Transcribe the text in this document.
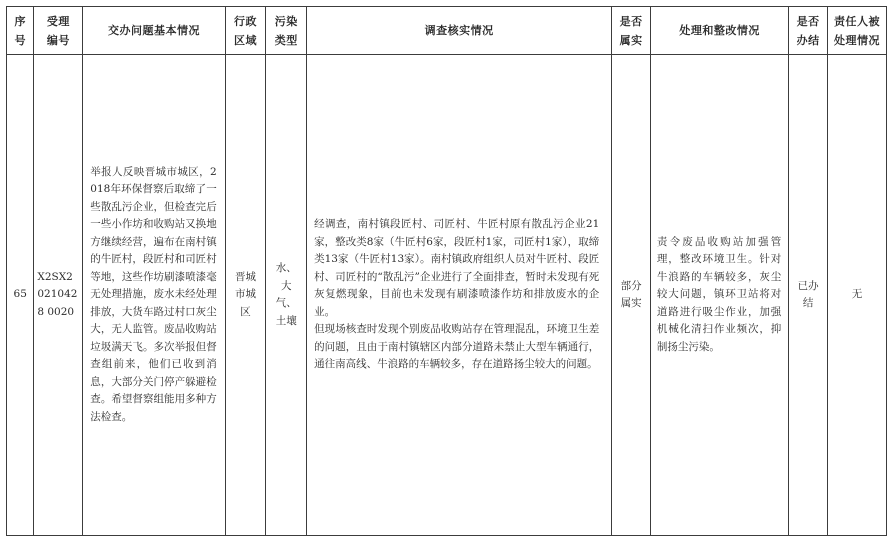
序号	受理编号	交办问题基本情况	行政区域	污染类型	调查核实情况	是否属实	处理和整改情况	是否办结	责任人被处理情况
65	X2SX20210428 0020	举报人反映晋城市城区，2018年环保督察后取缔了一些散乱污企业，但检查完后一些小作坊和收购站又换地方继续经营，遍布在南村镇的牛匠村，段匠村和司匠村等地，这些作坊刷漆喷漆毫无处理措施，废水未经处理排放，大货车路过村口灰尘大，无人监管。废品收购站垃圾满天飞。多次举报但督查组前来，他们已收到消息，大部分关门停产躲避检查。希望督察组能用多种方法检查。	晋城市城区	水、大气、土壤	经调查，南村镇段匠村、司匠村、牛匠村原有散乱污企业21家，整改类8家（牛匠村6家，段匠村1家，司匠村1家），取缔类13家（牛匠村13家）。南村镇政府组织人员对牛匠村、段匠村、司匠村的“散乱污”企业进行了全面排查，暂时未发现有死灰复燃现象，目前也未发现有刷漆喷漆作坊和排放废水的企业。
但现场核查时发现个别废品收购站存在管理混乱，环境卫生差的问题，且由于南村镇辖区内部分道路未禁止大型车辆通行，通往南高线、牛浪路的车辆较多，存在道路扬尘较大的问题。	部分属实	责令废品收购站加强管理，整改环境卫生。针对牛浪路的车辆较多，灰尘较大问题，镇环卫站将对道路进行吸尘作业，加强机械化清扫作业频次，抑制扬尘污染。	已办结	无
